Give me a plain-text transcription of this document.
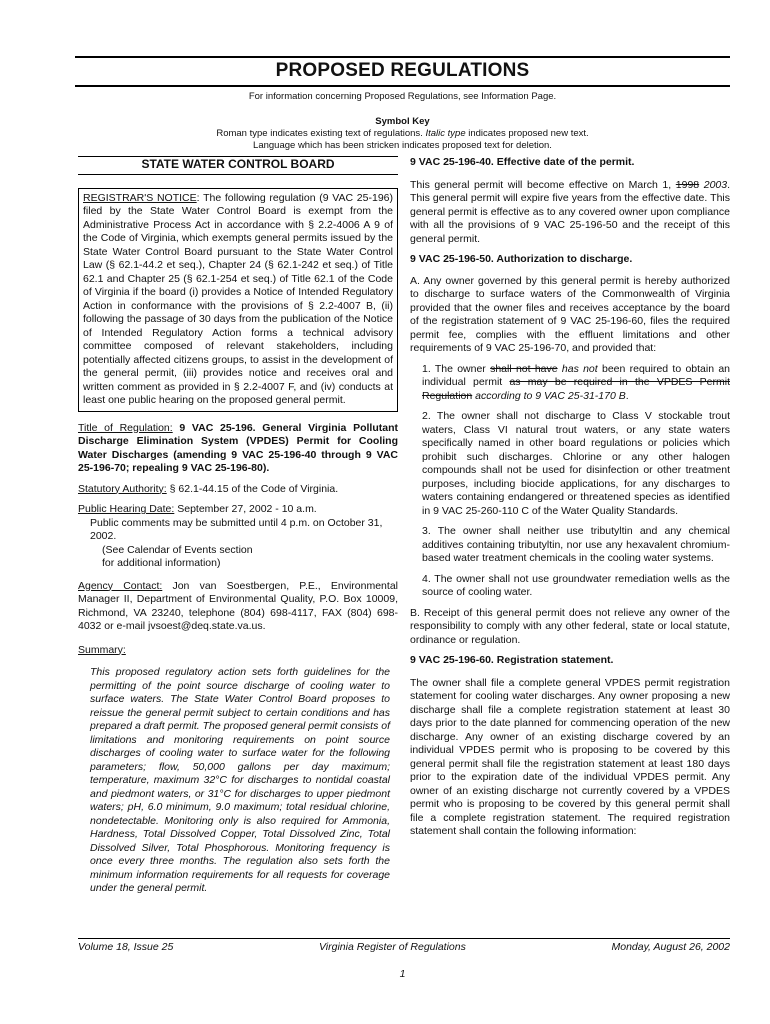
PROPOSED REGULATIONS
For information concerning Proposed Regulations, see Information Page.
Symbol Key
Roman type indicates existing text of regulations. Italic type indicates proposed new text.
Language which has been stricken indicates proposed text for deletion.
STATE WATER CONTROL BOARD
REGISTRAR'S NOTICE: The following regulation (9 VAC 25-196) filed by the State Water Control Board is exempt from the Administrative Process Act in accordance with § 2.2-4006 A 9 of the Code of Virginia, which exempts general permits issued by the State Water Control Board pursuant to the State Water Control Law (§ 62.1-44.2 et seq.), Chapter 24 (§ 62.1-242 et seq.) of Title 62.1 and Chapter 25 (§ 62.1-254 et seq.) of Title 62.1 of the Code of Virginia if the board (i) provides a Notice of Intended Regulatory Action in conformance with the provisions of § 2.2-4007 B, (ii) following the passage of 30 days from the publication of the Notice of Intended Regulatory Action forms a technical advisory committee composed of relevant stakeholders, including potentially affected citizens groups, to assist in the development of the general permit, (iii) provides notice and receives oral and written comment as provided in § 2.2-4007 F, and (iv) conducts at least one public hearing on the proposed general permit.

Title of Regulation: 9 VAC 25-196. General Virginia Pollutant Discharge Elimination System (VPDES) Permit for Cooling Water Discharges (amending 9 VAC 25-196-40 through 9 VAC 25-196-70; repealing 9 VAC 25-196-80).

Statutory Authority: § 62.1-44.15 of the Code of Virginia.

Public Hearing Date: September 27, 2002 - 10 a.m.

Public comments may be submitted until 4 p.m. on October 31, 2002.
(See Calendar of Events section
for additional information)

Agency Contact: Jon van Soestbergen, P.E., Environmental Manager II, Department of Environmental Quality, P.O. Box 10009, Richmond, VA 23240, telephone (804) 698-4117, FAX (804) 698-4032 or e-mail jvsoest@deq.state.va.us.

Summary:
This proposed regulatory action sets forth guidelines for the permitting of the point source discharge of cooling water to surface waters. The State Water Control Board proposes to reissue the general permit subject to certain conditions and has prepared a draft permit. The proposed general permit consists of limitations and monitoring requirements on point source discharges of cooling water to surface water for the following parameters; flow, 50,000 gallons per day maximum; temperature, maximum 32°C for discharges to nontidal coastal and piedmont waters, or 31°C for discharges to upper piedmont waters; pH, 6.0 minimum, 9.0 maximum; total residual chlorine, nondetectable. Monitoring only is also required for Ammonia, Hardness, Total Dissolved Copper, Total Dissolved Zinc, Total Dissolved Silver, Total Phosphorous. Monitoring frequency is once every three months. The regulation also sets forth the minimum information requirements for all requests for coverage under the general permit.
9 VAC 25-196-40. Effective date of the permit.

This general permit will become effective on March 1, 1998 2003. This general permit will expire five years from the effective date. This general permit is effective as to any covered owner upon compliance with all the provisions of 9 VAC 25-196-50 and the receipt of this general permit.

9 VAC 25-196-50. Authorization to discharge.

A. Any owner governed by this general permit is hereby authorized to discharge to surface waters of the Commonwealth of Virginia provided that the owner files and receives acceptance by the board of the registration statement of 9 VAC 25-196-60, files the required permit fee, complies with the effluent limitations and other requirements of 9 VAC 25-196-70, and provided that:

1. The owner shall not have has not been required to obtain an individual permit as may be required in the VPDES Permit Regulation according to 9 VAC 25-31-170 B.
2. The owner shall not discharge to Class V stockable trout waters, Class VI natural trout waters, or any state waters specifically named in other board regulations or policies which prohibit such discharges. Chlorine or any other halogen compounds shall not be used for disinfection or other treatment purposes, including biocide applications, for any discharges to waters containing endangered or threatened species as identified in 9 VAC 25-260-110 C of the Water Quality Standards.
3. The owner shall neither use tributyltin and any chemical additives containing tributyltin, nor use any hexavalent chromium-based water treatment chemicals in the cooling water systems.
4. The owner shall not use groundwater remediation wells as the source of cooling water.

B. Receipt of this general permit does not relieve any owner of the responsibility to comply with any other federal, state or local statute, ordinance or regulation.

9 VAC 25-196-60. Registration statement.

The owner shall file a complete general VPDES permit registration statement for cooling water discharges. Any owner proposing a new discharge shall file a complete registration statement at least 30 days prior to the date planned for commencing operation of the new discharge. Any owner of an existing discharge covered by an individual VPDES permit who is proposing to be covered by this general permit shall file the registration statement at least 180 days prior to the expiration date of the individual VPDES permit. Any owner of an existing discharge not currently covered by a VPDES permit who is proposing to be covered by this general permit shall file a complete registration statement. The required registration statement shall contain the following information:

Volume 18, Issue 25	Virginia Register of Regulations	Monday, August 26, 2002
1
